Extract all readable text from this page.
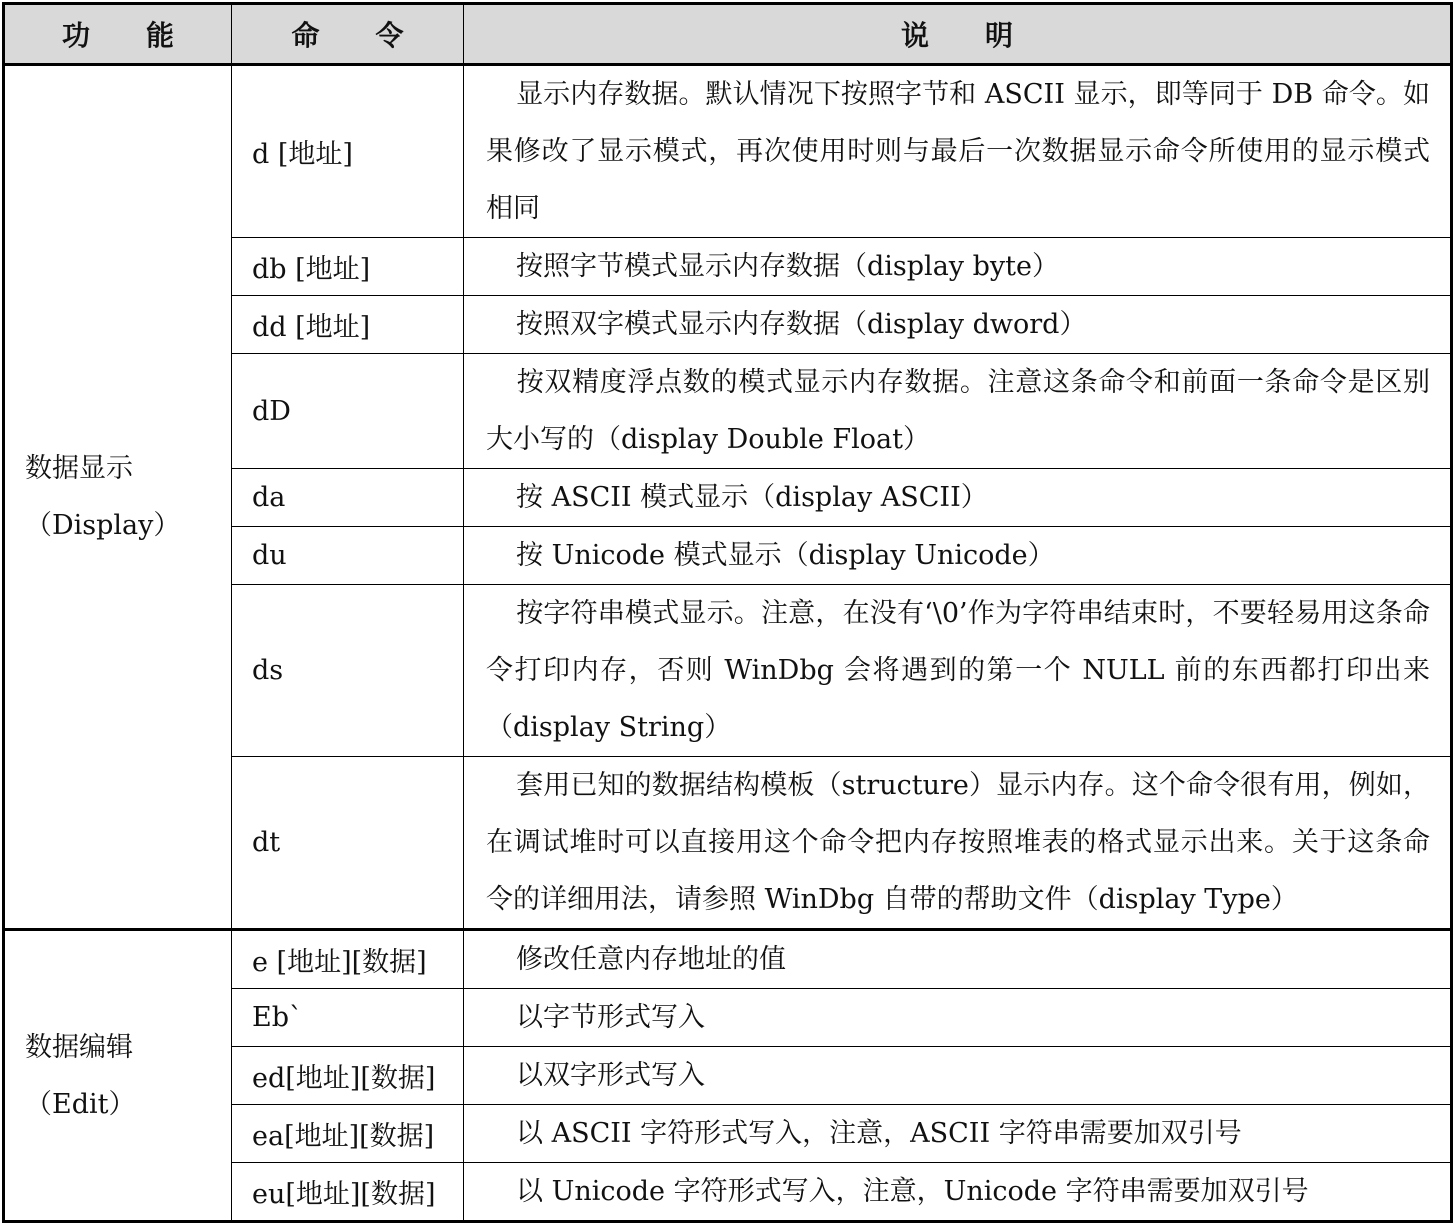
功　　能	命　　令	说　　明

数据显示
（Display）	d [地址]	显示内存数据。默认情况下按照字节和 ASCII 显示，即等同于 DB 命令。如果修改了显示模式，再次使用时则与最后一次数据显示命令所使用的显示模式相同
	db [地址]	按照字节模式显示内存数据（display byte）
	dd [地址]	按照双字模式显示内存数据（display dword）
	dD	按双精度浮点数的模式显示内存数据。注意这条命令和前面一条命令是区别大小写的（display Double Float）
	da	按 ASCII 模式显示（display ASCII）
	du	按 Unicode 模式显示（display Unicode）
	ds	按字符串模式显示。注意，在没有‘\0’作为字符串结束时，不要轻易用这条命令打印内存，否则 WinDbg 会将遇到的第一个 NULL 前的东西都打印出来（display String）
	dt	套用已知的数据结构模板（structure）显示内存。这个命令很有用，例如，在调试堆时可以直接用这个命令把内存按照堆表的格式显示出来。关于这条命令的详细用法，请参照 WinDbg 自带的帮助文件（display Type）

数据编辑
（Edit）	e [地址][数据]	修改任意内存地址的值
	Eb`	以字节形式写入
	ed[地址][数据]	以双字形式写入
	ea[地址][数据]	以 ASCII 字符形式写入，注意，ASCII 字符串需要加双引号
	eu[地址][数据]	以 Unicode 字符形式写入，注意，Unicode 字符串需要加双引号
